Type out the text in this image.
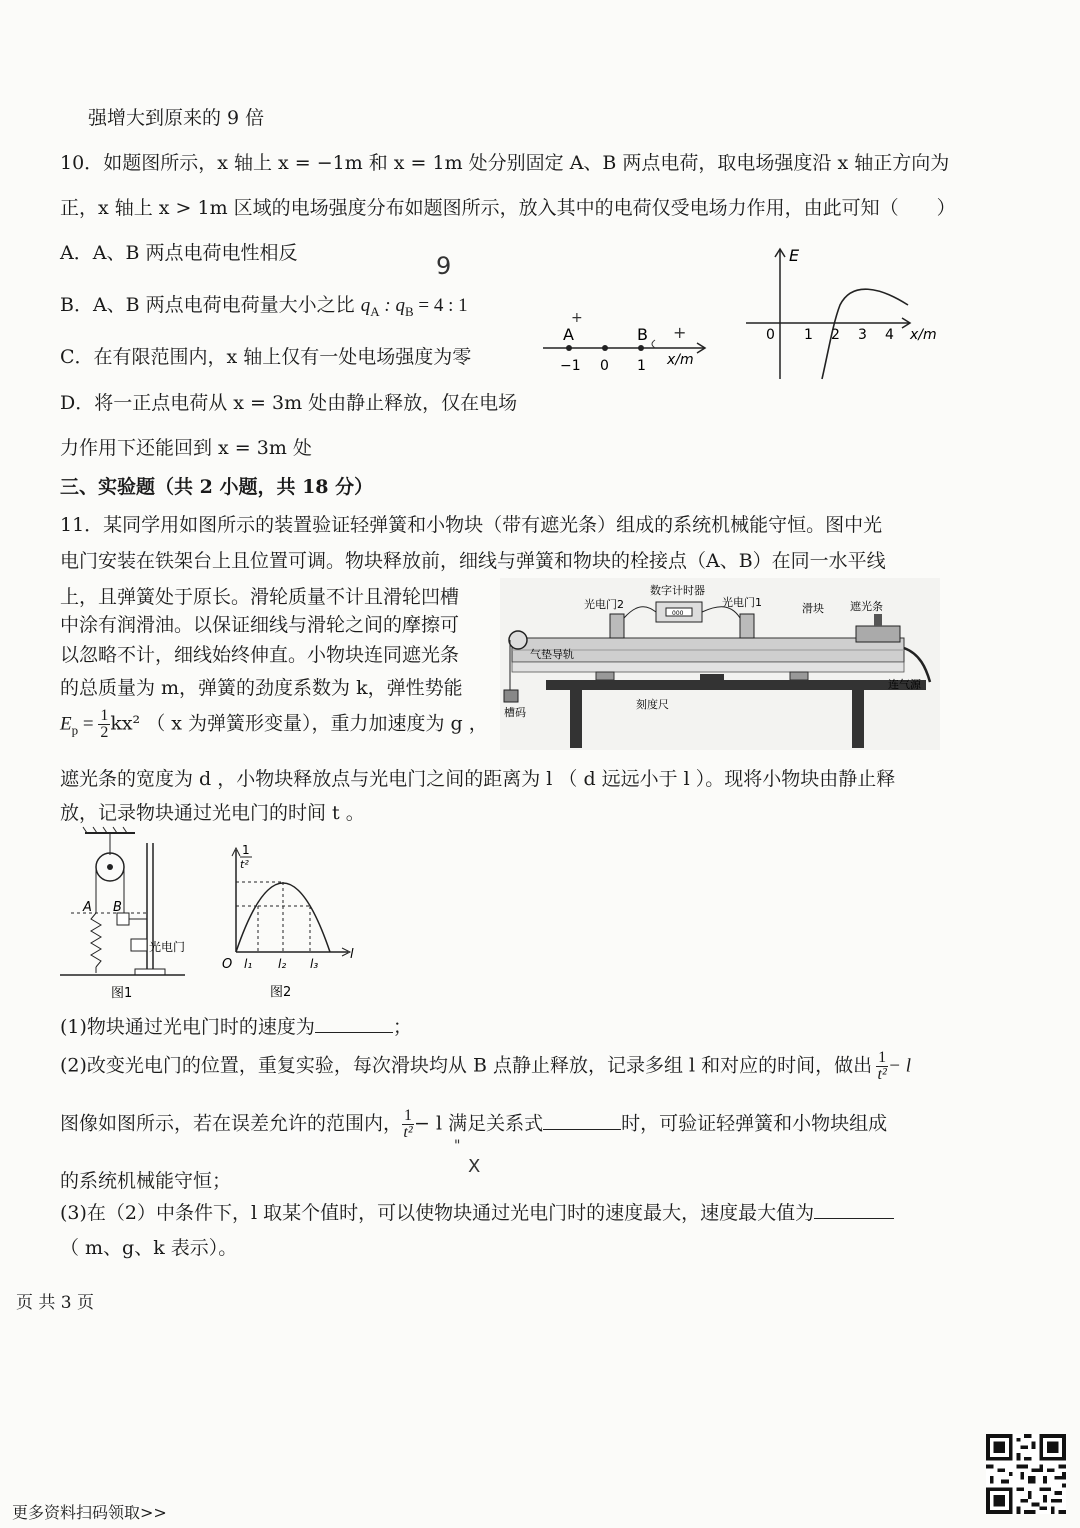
强增大到原来的 9 倍
10．如题图所示，x 轴上 x = −1m 和 x = 1m 处分别固定 A、B 两点电荷，取电场强度沿 x 轴正方向为
正，x 轴上 x > 1m 区域的电场强度分布如题图所示，放入其中的电荷仅受电场力作用，由此可知（　　）
A．A、B 两点电荷电性相反
B．A、B 两点电荷电荷量大小之比 $q_A$ : $q_B = 4$ : 1
C．在有限范围内，x 轴上仅有一处电场强度为零
D．将一正点电荷从 x = 3m 处由静止释放，仅在电场
力作用下还能回到 x = 3m 处
9
A	B
+
+
−1 0 1 x/m
E
0 1 2 3 4 x/m
三、实验题（共 2 小题，共 18 分）
11．某同学用如图所示的装置验证轻弹簧和小物块（带有遮光条）组成的系统机械能守恒。图中光
电门安装在铁架台上且位置可调。物块释放前，细线与弹簧和物块的栓接点（A、B）在同一水平线
上，且弹簧处于原长。滑轮质量不计且滑轮凹槽
中涂有润滑油。以保证细线与滑轮之间的摩擦可
以忽略不计，细线始终伸直。小物块连同遮光条
的总质量为 m，弹簧的劲度系数为 k，弹性势能
$E_p = \frac{1}{2} kx^2$ （ x 为弹簧形变量），重力加速度为 g ，
遮光条的宽度为 d ，小物块释放点与光电门之间的距离为 l （ d 远远小于 l ）。现将小物块由静止释
放，记录物块通过光电门的时间 t 。
000
气垫导轨
光电门2
数字计时器
光电门1	滑块 遮光条
槽码
刻度尺
连气源
A B
光电门
图1
1
t²
O l₁ l₂ l₃
l
图2
(1)物块通过光电门时的速度为	；
(2)改变光电门的位置，重复实验，每次滑块均从 B 点静止释放，记录多组 l 和对应的时间，做出 $\frac{1}{\text{t²}} - l$
图像如图所示，若在误差允许的范围内， $\frac{1}{\text{t²}} - l$ 满足关系式	时，可验证轻弹簧和小物块组成
"
X
的系统机械能守恒；
(3)在（2）中条件下，l 取某个值时，可以使物块通过光电门时的速度最大，速度最大值为
（ m、g、k 表示）。
页 共 3 页
更多资料扫码领取>>
